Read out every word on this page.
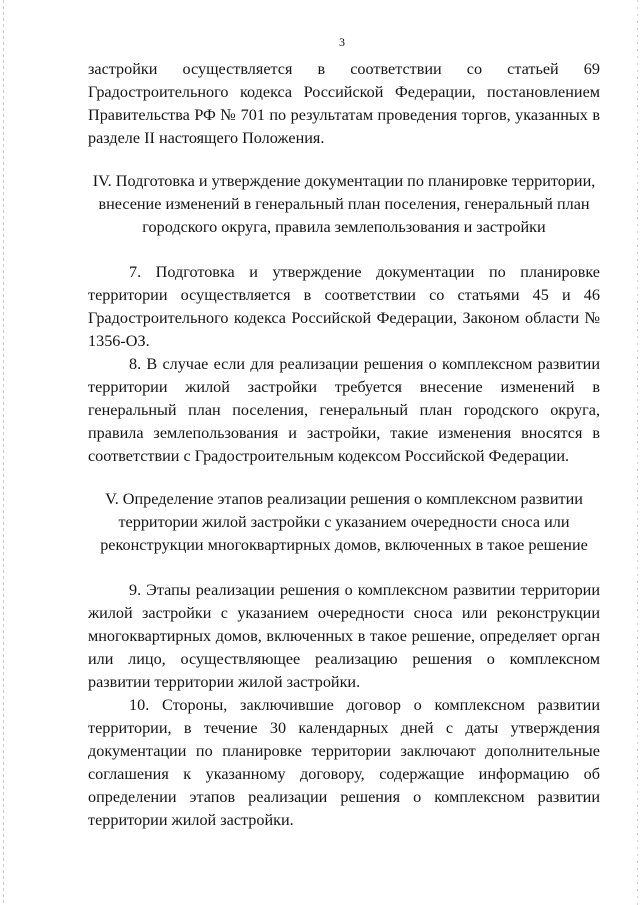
3

застройки осуществляется в соответствии со статьей 69 Градостроительного кодекса Российской Федерации, постановлением Правительства РФ № 701 по результатам проведения торгов, указанных в разделе II настоящего Положения.

IV. Подготовка и утверждение документации по планировке территории, внесение изменений в генеральный план поселения, генеральный план городского округа, правила землепользования и застройки

7. Подготовка и утверждение документации по планировке территории осуществляется в соответствии со статьями 45 и 46 Градостроительного кодекса Российской Федерации, Законом области № 1356-ОЗ.

8. В случае если для реализации решения о комплексном развитии территории жилой застройки требуется внесение изменений в генеральный план поселения, генеральный план городского округа, правила землепользования и застройки, такие изменения вносятся в соответствии с Градостроительным кодексом Российской Федерации.

V. Определение этапов реализации решения о комплексном развитии территории жилой застройки с указанием очередности сноса или реконструкции многоквартирных домов, включенных в такое решение

9. Этапы реализации решения о комплексном развитии территории жилой застройки с указанием очередности сноса или реконструкции многоквартирных домов, включенных в такое решение, определяет орган или лицо, осуществляющее реализацию решения о комплексном развитии территории жилой застройки.

10. Стороны, заключившие договор о комплексном развитии территории, в течение 30 календарных дней с даты утверждения документации по планировке территории заключают дополнительные соглашения к указанному договору, содержащие информацию об определении этапов реализации решения о комплексном развитии территории жилой застройки.
